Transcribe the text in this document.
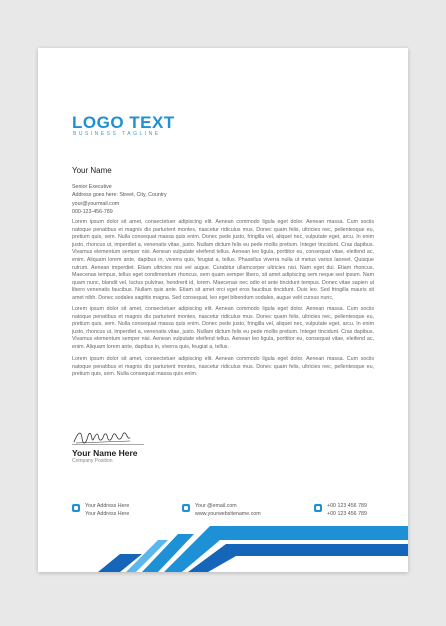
LOGO TEXT
BUSINESS TAGLINE
Your Name
Senior Executive
Address goes here: Street, City, Country
your@yourmail.com
000-123-456-789
Lorem ipsum dolor sit amet, consectetuer adipiscing elit. Aenean commodo ligula eget dolor. Aenean massa. Cum sociis natoque penatibus et magnis dis parturient montes, nascetur ridiculus mus. Donec quam felis, ultricies nec, pellentesque eu, pretium quis, sem. Nulla consequat massa quis enim. Donec pede justo, fringilla vel, aliquet nec, vulputate eget, arcu. In enim justo, rhoncus ut, imperdiet a, venenatis vitae, justo. Nullam dictum felis eu pede mollis pretium. Integer tincidunt. Cras dapibus. Vivamus elementum semper nisi. Aenean vulputate eleifend tellus. Aenean leo ligula, porttitor eu, consequat vitae, eleifend ac, enim. Aliquam lorem ante, dapibus in, viverra quis, feugiat a, tellus. Phasellus viverra nulla ut metus varius laoreet. Quisque rutrum. Aenean imperdiet. Etiam ultricies nisi vel augue. Curabitur ullamcorper ultricies nisi. Nam eget dui. Etiam rhoncus. Maecenas tempus, tellus eget condimentum rhoncus, sem quam semper libero, sit amet adipiscing sem neque sed ipsum. Nam quam nunc, blandit vel, luctus pulvinar, hendrerit id, lorem. Maecenas nec odio et ante tincidunt tempus. Donec vitae sapien ut libero venenatis faucibus. Nullam quis ante. Etiam sit amet orci eget eros faucibus tincidunt. Duis leo. Sed fringilla mauris sit amet nibh. Donec sodales sagittis magna. Sed consequat, leo eget bibendum sodales, augue velit cursus nunc,
Lorem ipsum dolor sit amet, consectetuer adipiscing elit. Aenean commodo ligula eget dolor. Aenean massa. Cum sociis natoque penatibus et magnis dis parturient montes, nascetur ridiculus mus. Donec quam felis, ultricies nec, pellentesque eu, pretium quis, sem. Nulla consequat massa quis enim. Donec pede justo, fringilla vel, aliquet nec, vulputate eget, arcu. In enim justo, rhoncus ut, imperdiet a, venenatis vitae, justo. Nullam dictum felis eu pede mollis pretium. Integer tincidunt. Cras dapibus. Vivamus elementum semper nisi. Aenean vulputate eleifend tellus. Aenean leo ligula, porttitor eu, consequat vitae, eleifend ac, enim. Aliquam lorem ante, dapibus in, viverra quis, feugiat a, tellus.
Lorem ipsum dolor sit amet, consectetuer adipiscing elit. Aenean commodo ligula eget dolor. Aenean massa. Cum sociis natoque penatibus et magnis dis parturient montes, nascetur ridiculus mus. Donec quam felis, ultricies nec, pellentesque eu, pretium quis, sem. Nulla consequat massa quis enim.
Your Name Here
Company Position
Your Address Here
Your Address Here
Your @email.com
www.yourwebsitename.com
+00 123 456 789
+00 123 456 789
